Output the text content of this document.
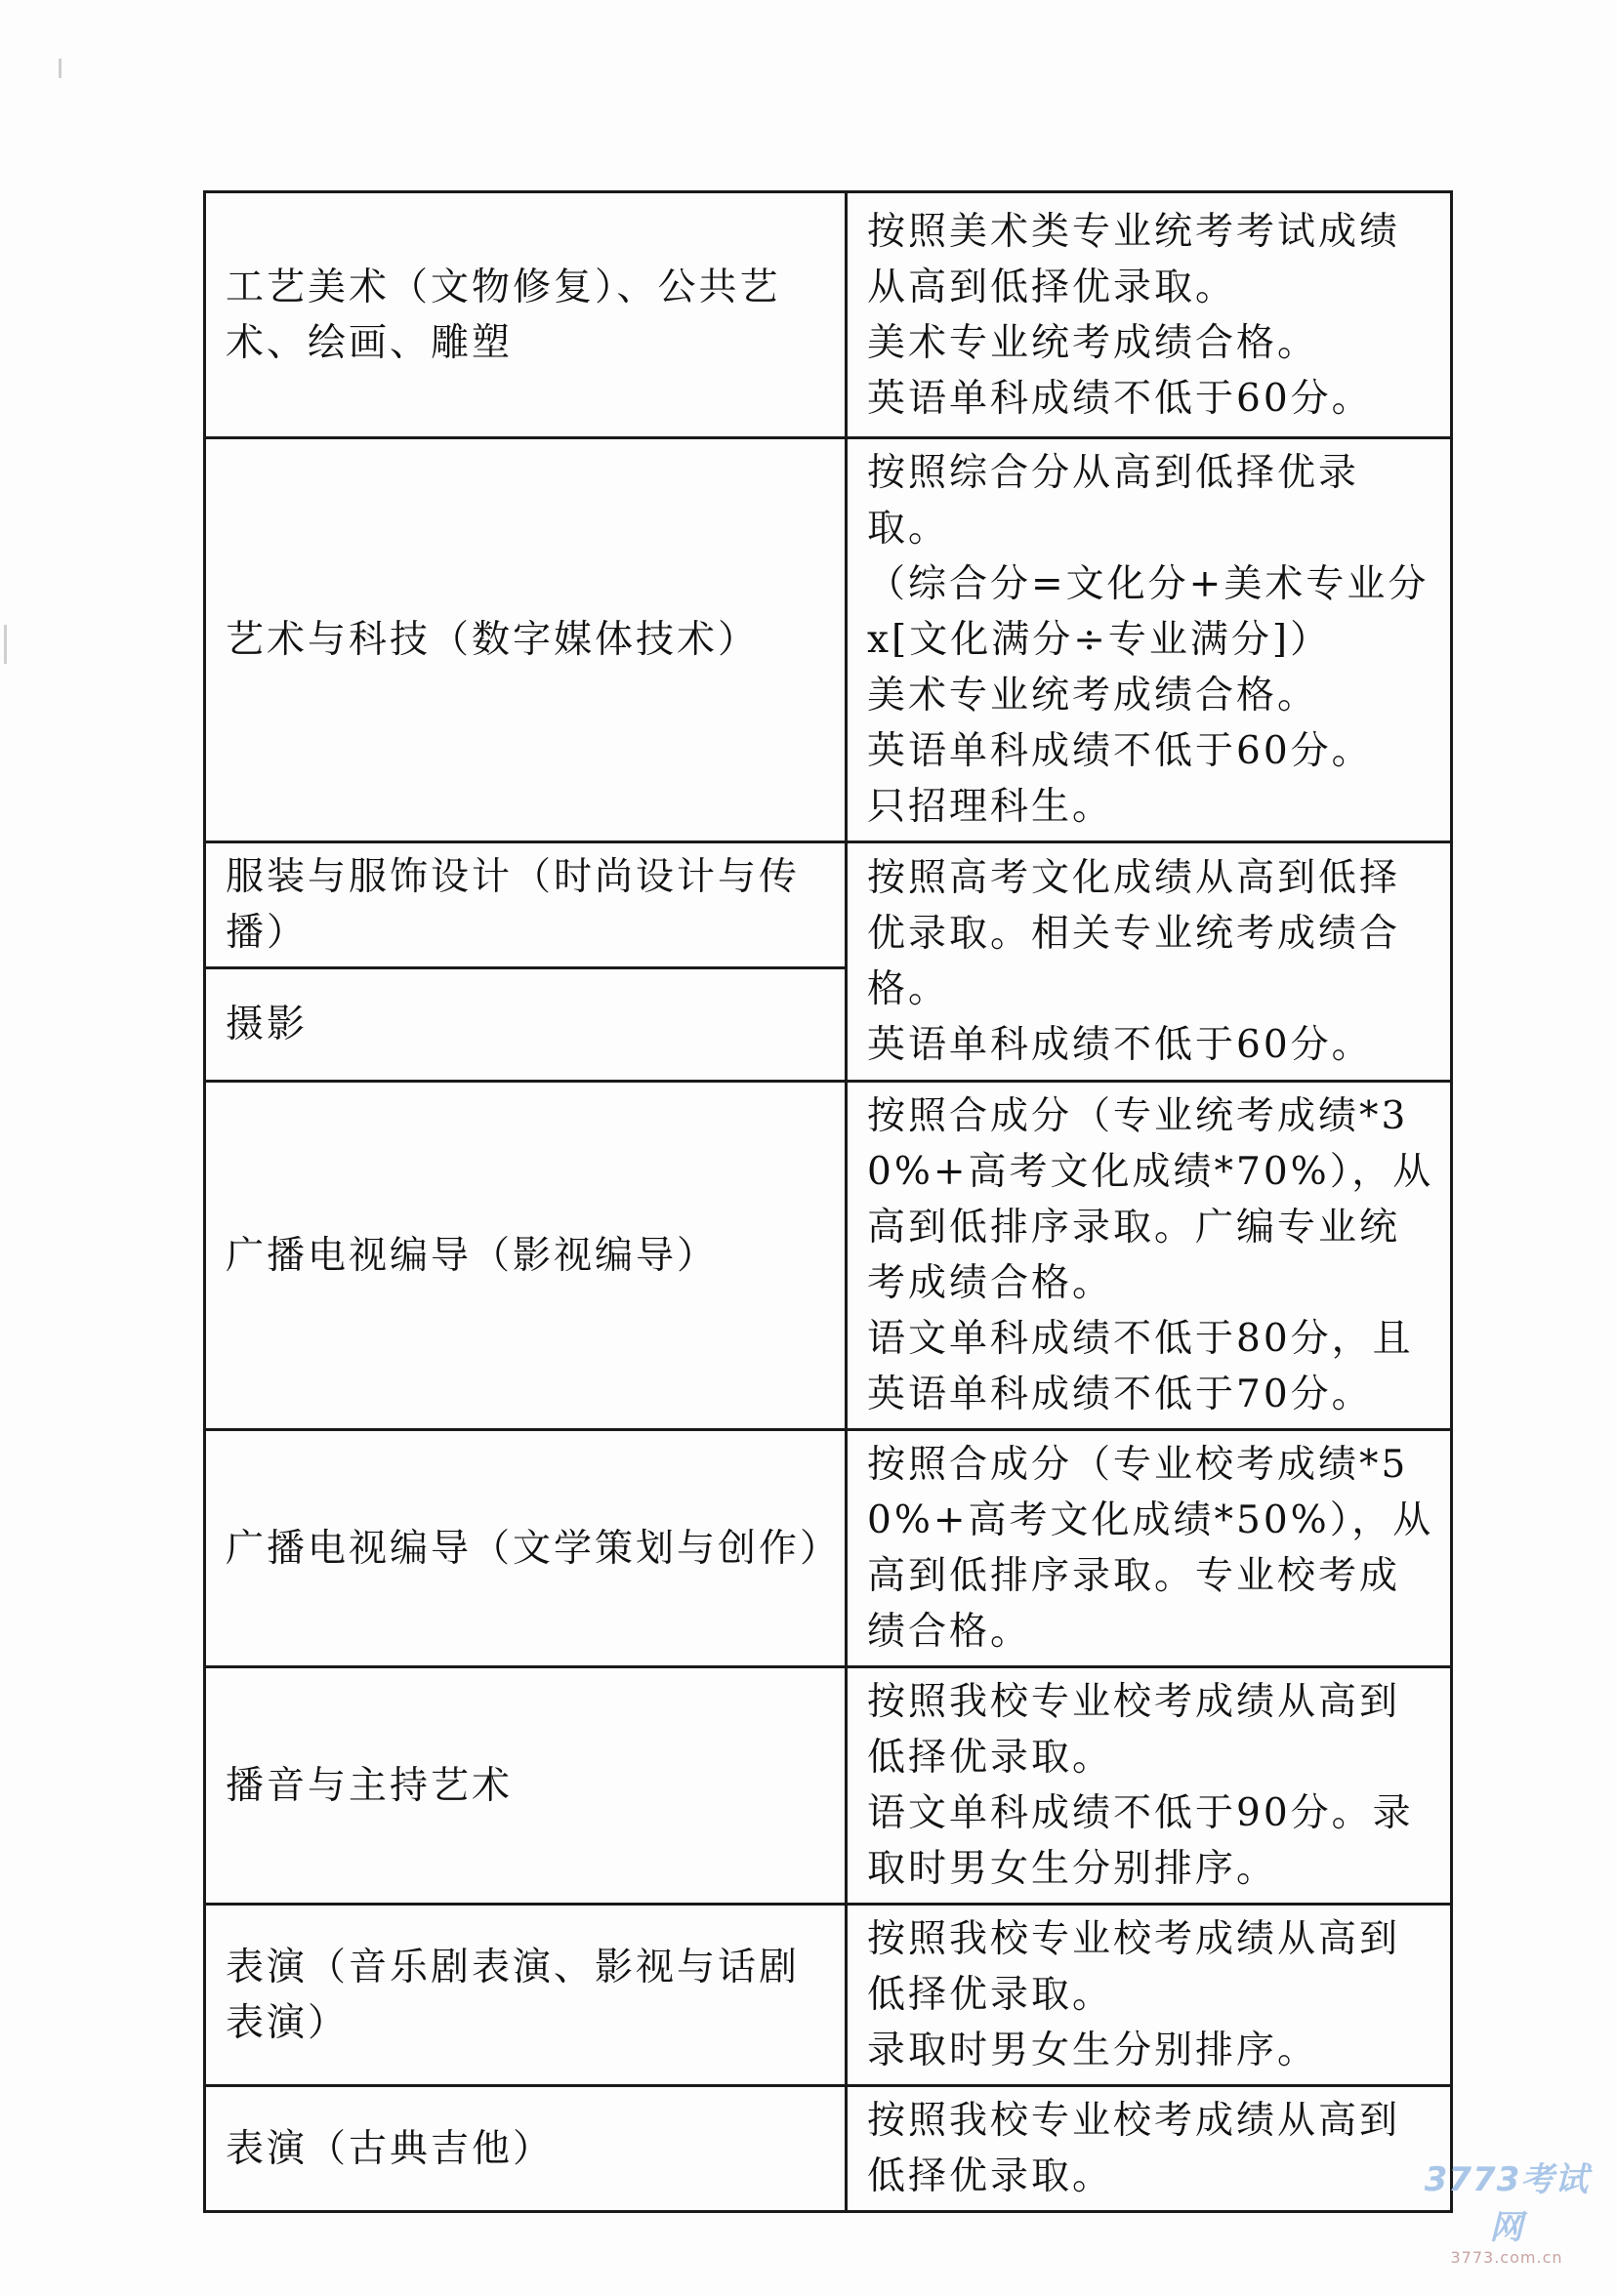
工艺美术（文物修复）、公共艺术、绘画、雕塑	按照美术类专业统考考试成绩从高到低择优录取。
美术专业统考成绩合格。
英语单科成绩不低于60分。

艺术与科技（数字媒体技术）	按照综合分从高到低择优录取。
（综合分=文化分+美术专业分x[文化满分÷专业满分]）
美术专业统考成绩合格。
英语单科成绩不低于60分。
只招理科生。

服装与服饰设计（时尚设计与传播）	按照高考文化成绩从高到低择优录取。相关专业统考成绩合格。
英语单科成绩不低于60分。

摄影	
广播电视编导（影视编导）	按照合成分（专业统考成绩*30%+高考文化成绩*70%），从高到低排序录取。广编专业统考成绩合格。
语文单科成绩不低于80分，且英语单科成绩不低于70分。

广播电视编导（文学策划与创作）	按照合成分（专业校考成绩*50%+高考文化成绩*50%），从高到低排序录取。专业校考成绩合格。

播音与主持艺术	按照我校专业校考成绩从高到低择优录取。
语文单科成绩不低于90分。录取时男女生分别排序。

表演（音乐剧表演、影视与话剧表演）	按照我校专业校考成绩从高到低择优录取。
录取时男女生分别排序。

表演（古典吉他）	按照我校专业校考成绩从高到低择优录取。	3773考试网
3773.com.cn
